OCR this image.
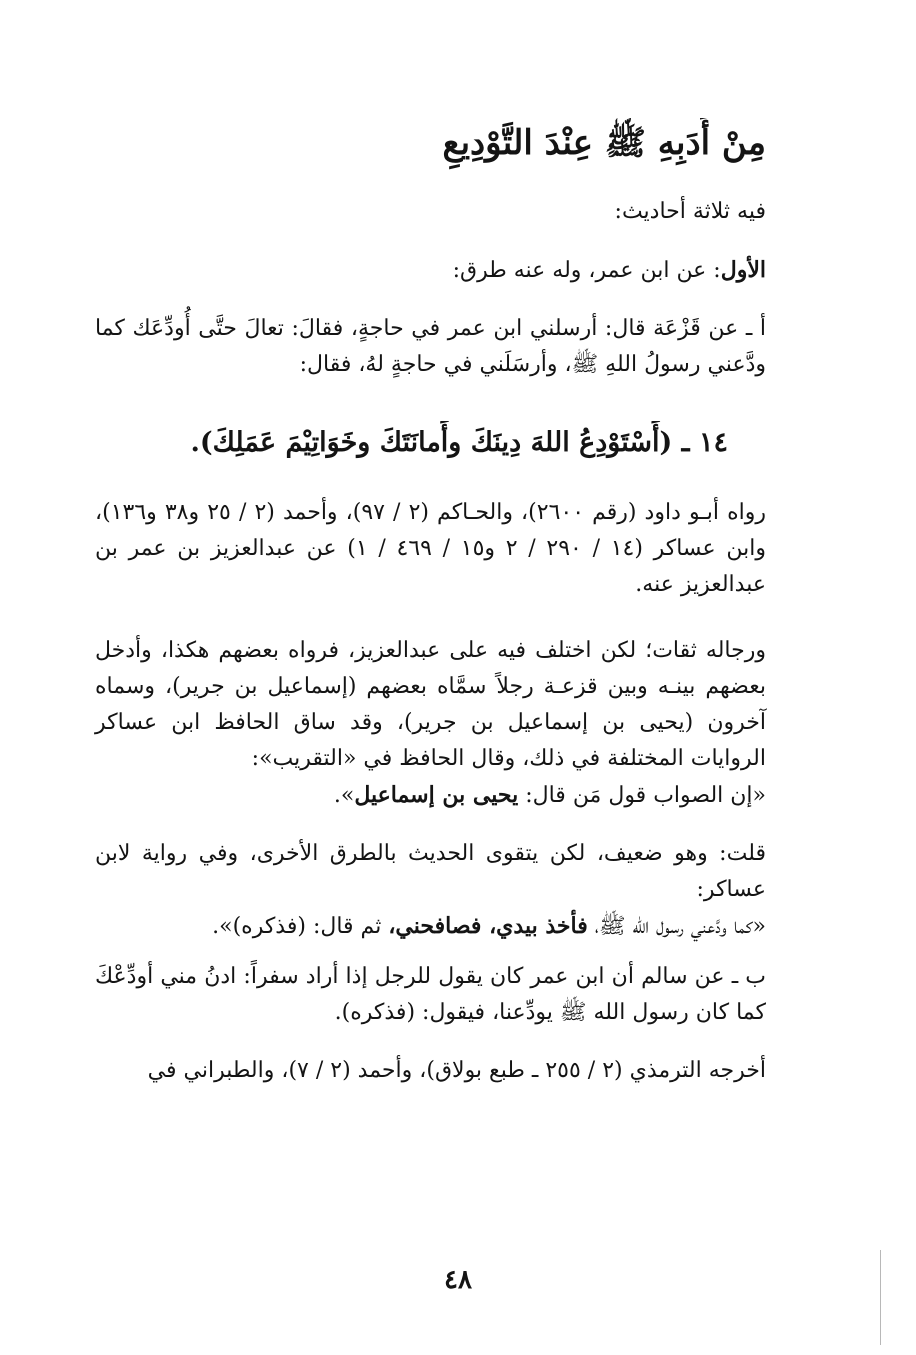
مِنْ أَدَبِهِ ﷺ عِنْدَ التَّوْدِيعِ

فيه ثلاثة أحاديث:

الأول: عن ابن عمر، وله عنه طرق:

أ ـ عن قَزْعَة قال: أرسلني ابن عمر في حاجةٍ، فقالَ: تعالَ حتَّى أُودِّعَك كما ودَّعني رسولُ اللهِ ﷺ، وأرسَلَني في حاجةٍ لهُ، فقال:

١٤ ـ (أَسْتَوْدِعُ اللهَ دِينَكَ وأَمانَتَكَ وخَوَاتِيْمَ عَمَلِكَ).

رواه أبـو داود (رقم ٢٦٠٠)، والحـاكم (٢ / ٩٧)، وأحمد (٢ / ٢٥ و٣٨ و١٣٦)، وابن عساكر (١٤ / ٢٩٠ / ٢ و١٥ / ٤٦٩ / ١) عن عبدالعزيز بن عمر بن عبدالعزيز عنه.

ورجاله ثقات؛ لكن اختلف فيه على عبدالعزيز، فرواه بعضهم هكذا، وأدخل بعضهم بينـه وبين قزعـة رجلاً سمَّاه بعضهم (إسماعيل بن جرير)، وسماه آخرون (يحيى بن إسماعيل بن جرير)، وقد ساق الحافظ ابن عساكر الروايات المختلفة في ذلك، وقال الحافظ في «التقريب»:

«إن الصواب قول مَن قال: يحيى بن إسماعيل».

قلت: وهو ضعيف، لكن يتقوى الحديث بالطرق الأخرى، وفي رواية لابن عساكر:

«كما ودَّعني رسول الله ﷺ، فأخذ بيدي، فصافحني، ثم قال: (فذكره)».

ب ـ عن سالم أن ابن عمر كان يقول للرجل إذا أراد سفراً: ادنُ مني أودِّعْكَ كما كان رسول الله ﷺ يودِّعنا، فيقول: (فذكره).

أخرجه الترمذي (٢ / ٢٥٥ ـ طبع بولاق)، وأحمد (٢ / ٧)، والطبراني في

٤٨
